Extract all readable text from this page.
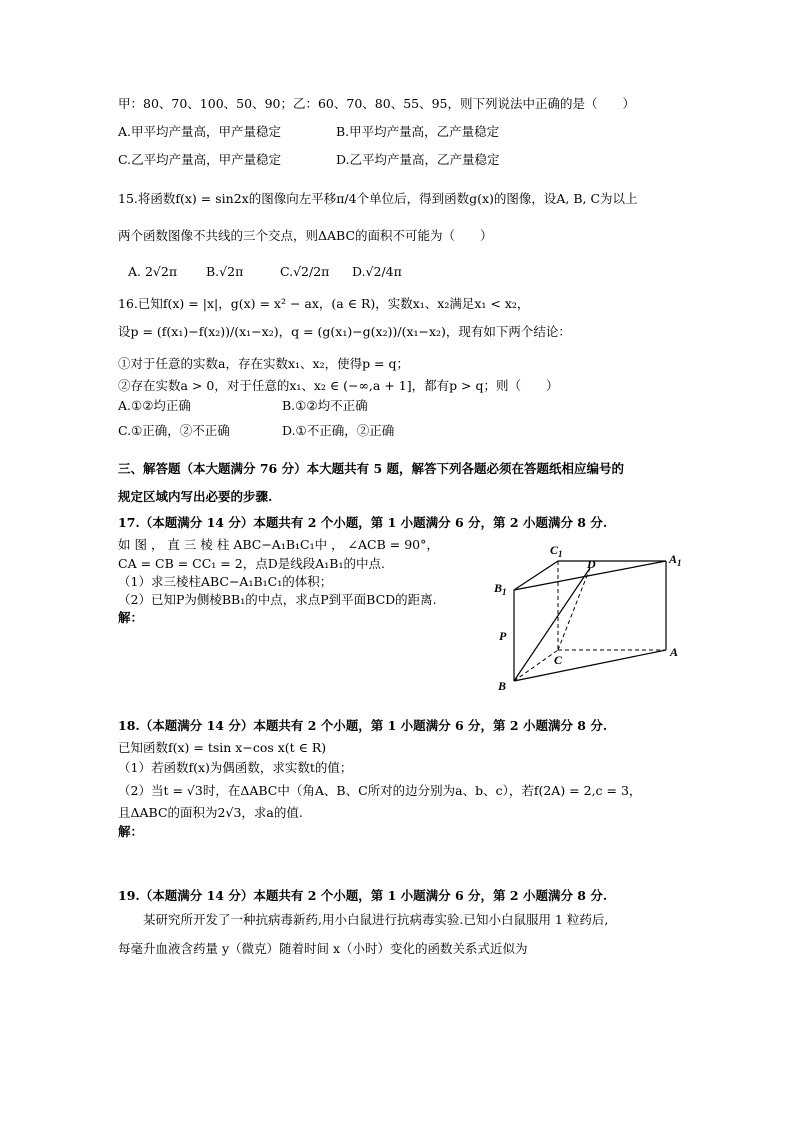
甲：80、70、100、50、90；乙：60、70、80、55、95，则下列说法中正确的是（　　）
A.甲平均产量高，甲产量稳定	B.甲平均产量高，乙产量稳定
C.乙平均产量高，甲产量稳定	D.乙平均产量高，乙产量稳定
15.将函数f(x) = sin2x的图像向左平移π/4个单位后，得到函数g(x)的图像，设A, B, C为以上
两个函数图像不共线的三个交点，则ΔABC的面积不可能为（　　）
A. 2√2π B.√2π	C.√2/2π D.√2/4π
16.已知f(x) = |x|，g(x) = x² − ax，(a ∈ R)，实数x₁、x₂满足x₁ < x₂，
设p = (f(x₁)−f(x₂))/(x₁−x₂)，q = (g(x₁)−g(x₂))/(x₁−x₂)，现有如下两个结论：
①对于任意的实数a，存在实数x₁、x₂，使得p = q；
②存在实数a > 0，对于任意的x₁、x₂ ∈ (−∞,a + 1]，都有p > q；则（　　）
A.①②均正确	B.①②均不正确
C.①正确，②不正确	D.①不正确，②正确
三、解答题（本大题满分 76 分）本大题共有 5 题，解答下列各题必须在答题纸相应编号的
规定区域内写出必要的步骤.
17.（本题满分 14 分）本题共有 2 个小题，第 1 小题满分 6 分，第 2 小题满分 8 分.
如 图 ， 直 三 棱 柱 ABC−A₁B₁C₁中 ， ∠ACB = 90°，
CA = CB = CC₁ = 2，点D是线段A₁B₁的中点.
（1）求三棱柱ABC−A₁B₁C₁的体积；
（2）已知P为侧棱BB₁的中点，求点P到平面BCD的距离.
解：
$C_1$
D	$A_1$
$B_1$
P
C
A
B
18.（本题满分 14 分）本题共有 2 个小题，第 1 小题满分 6 分，第 2 小题满分 8 分.
已知函数f(x) = tsin x−cos x(t ∈ R)
（1）若函数f(x)为偶函数，求实数t的值；
（2）当t = √3时，在ΔABC中（角A、B、C所对的边分别为a、b、c），若f(2A) = 2,c = 3，
且ΔABC的面积为2√3，求a的值.
解：
19.（本题满分 14 分）本题共有 2 个小题，第 1 小题满分 6 分，第 2 小题满分 8 分.
　　某研究所开发了一种抗病毒新药,用小白鼠进行抗病毒实验.已知小白鼠服用 1 粒药后,
每毫升血液含药量 y（微克）随着时间 x（小时）变化的函数关系式近似为
